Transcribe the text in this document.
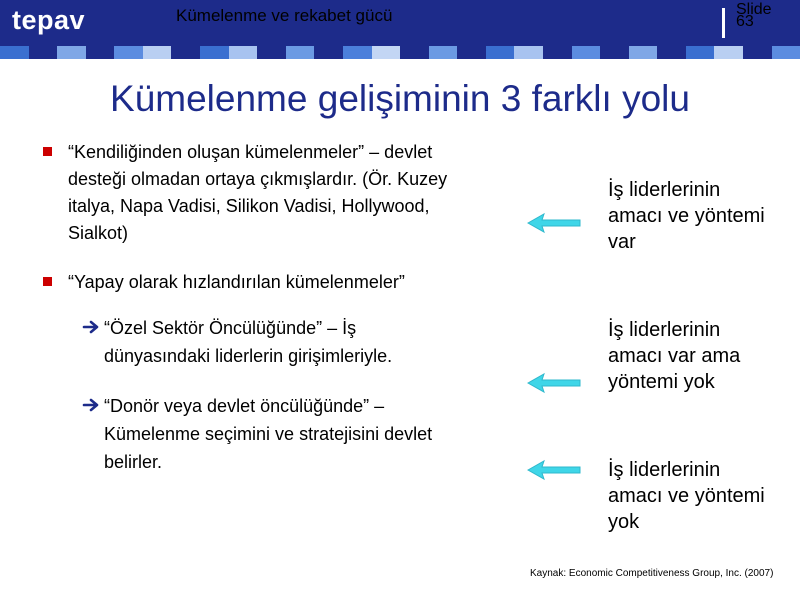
tepav	Kümelenme ve rekabet gücü	Slide
63
Kümelenme gelişiminin 3 farklı yolu
“Kendiliğinden oluşan kümelenmeler” – devlet
desteği olmadan ortaya çıkmışlardır. (Ör. Kuzey
italya, Napa Vadisi, Silikon Vadisi, Hollywood,
Sialkot)
“Yapay olarak hızlandırılan kümelenmeler”
“Özel Sektör Öncülüğünde” – İş
dünyasındaki liderlerin girişimleriyle.
“Donör veya devlet öncülüğünde” –
Kümelenme seçimini ve stratejisini devlet
belirler.
İş liderlerinin
amacı ve yöntemi
var
İş liderlerinin
amacı var ama
yöntemi yok
İş liderlerinin
amacı ve yöntemi
yok
Kaynak: Economic Competitiveness Group, Inc. (2007)
